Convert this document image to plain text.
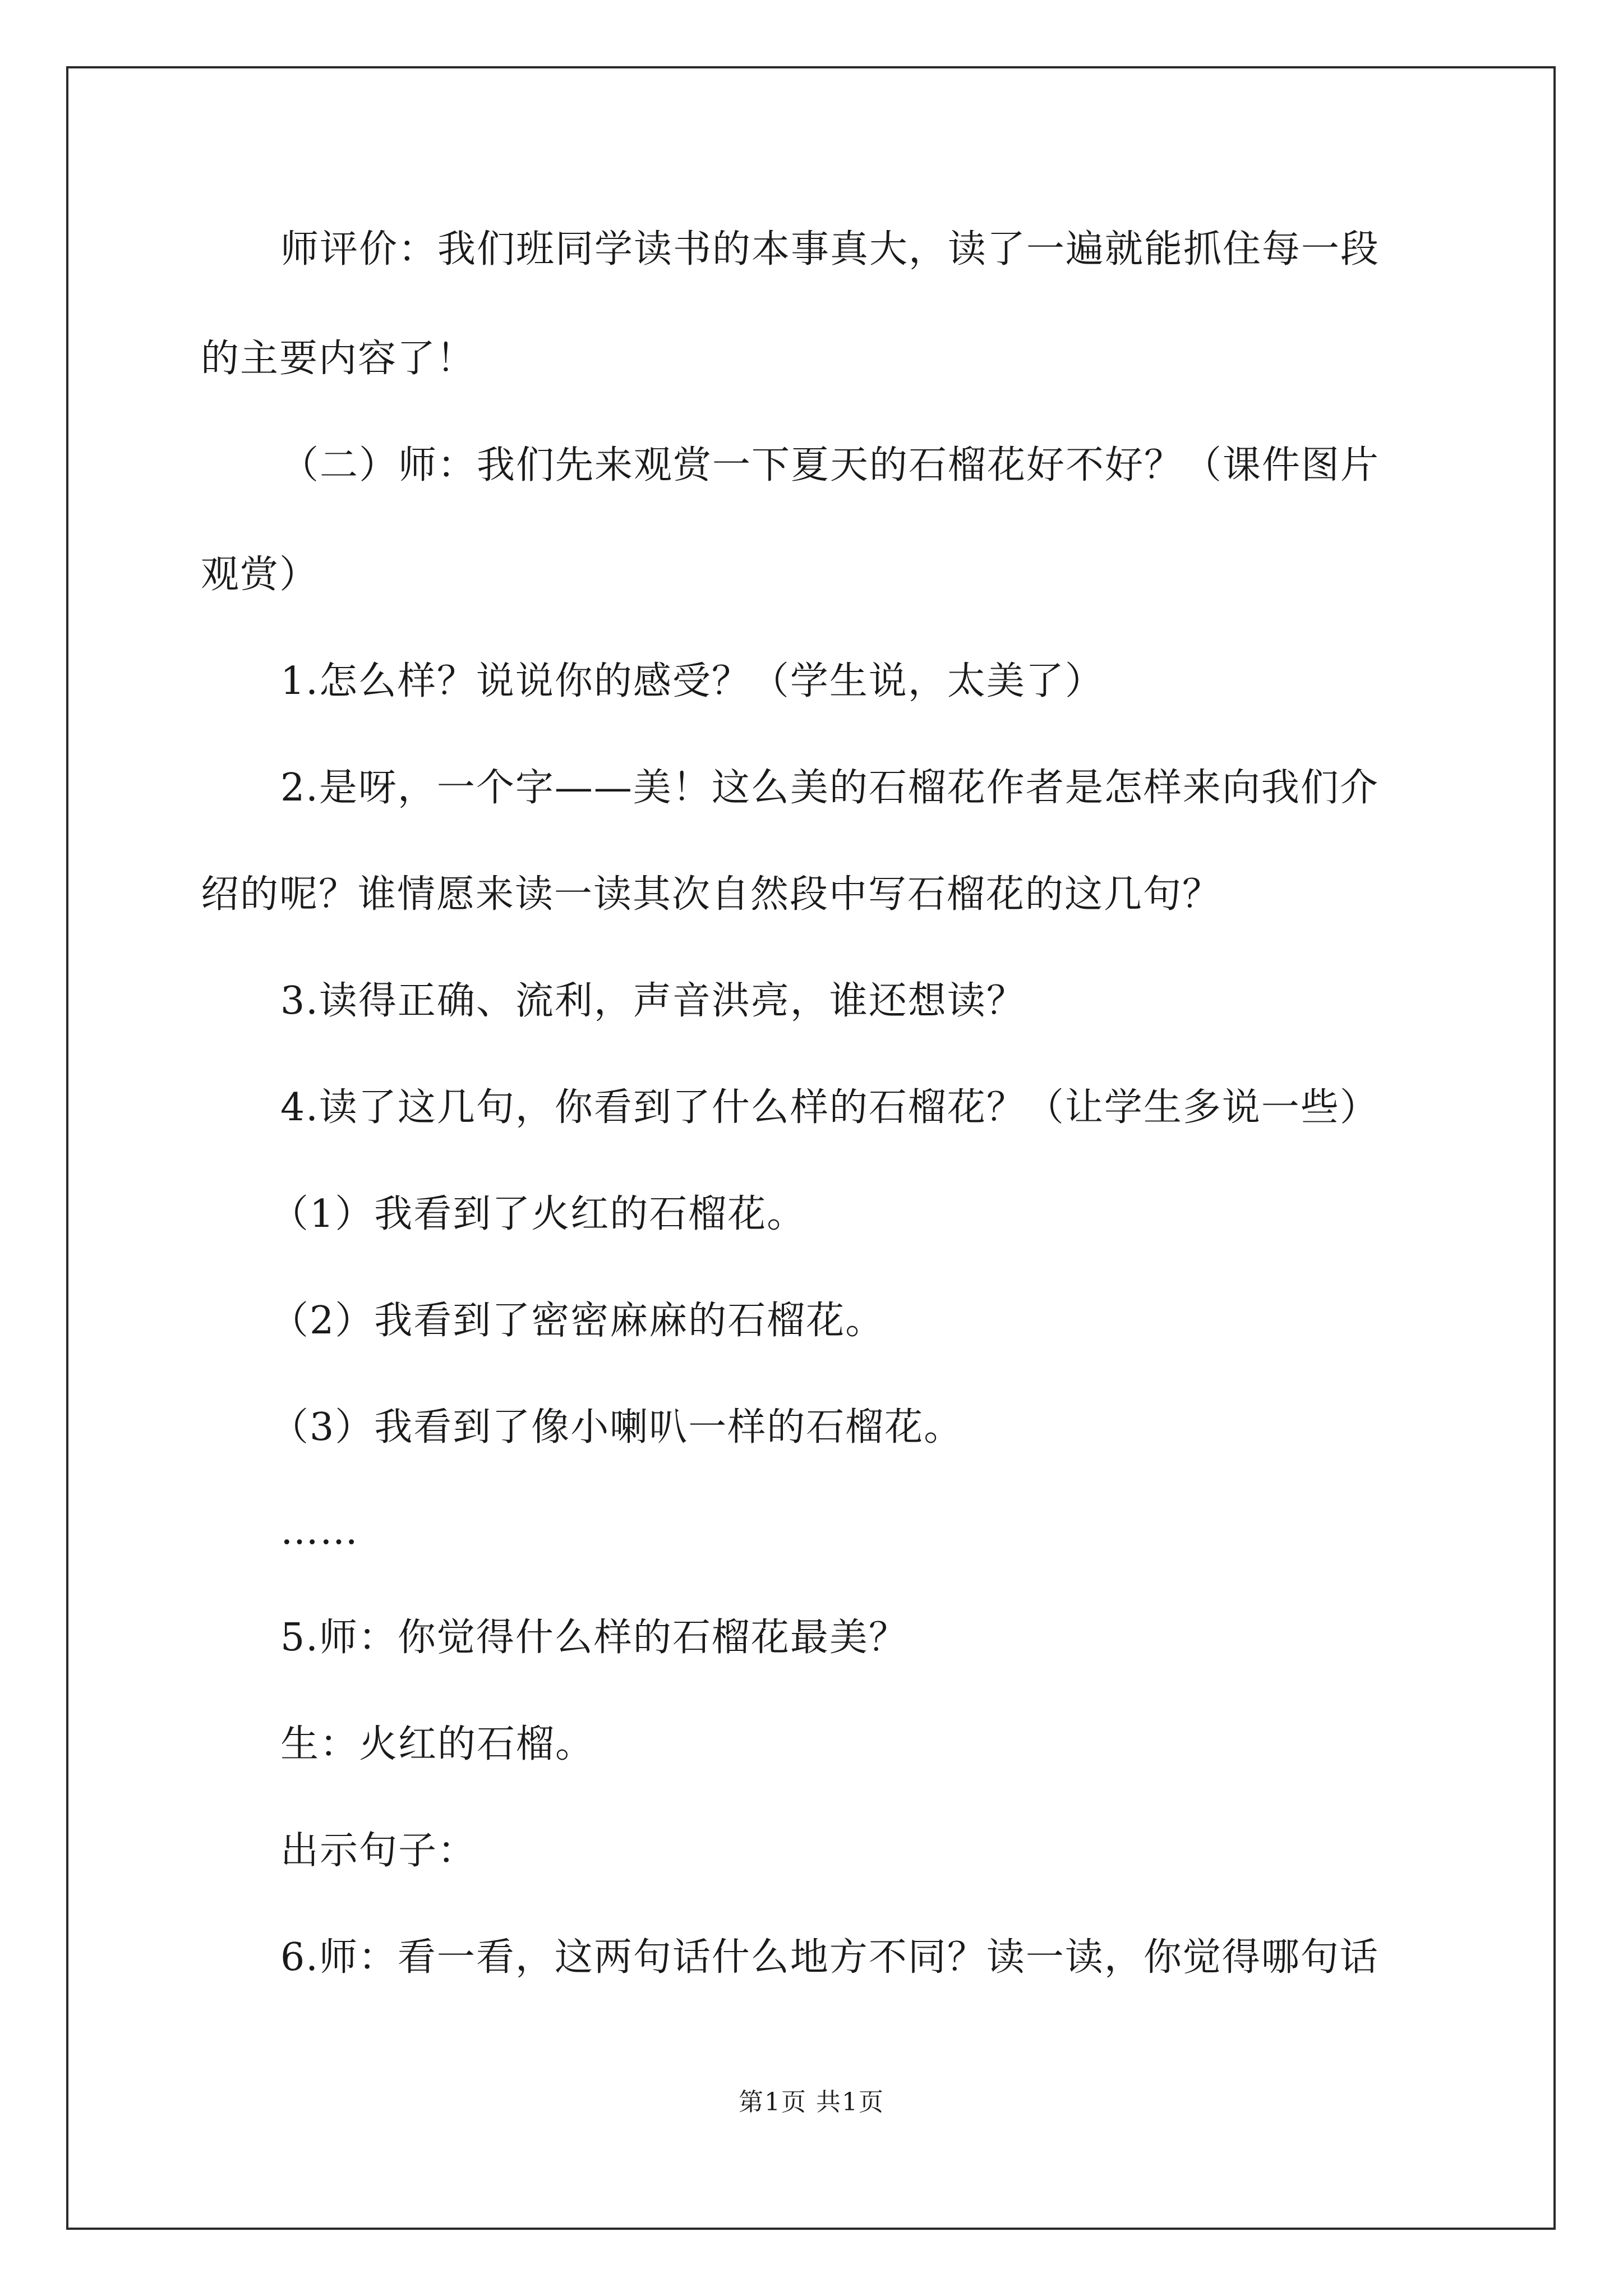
师评价：我们班同学读书的本事真大，读了一遍就能抓住每一段
的主要内容了！
（二）师：我们先来观赏一下夏天的石榴花好不好？（课件图片
观赏）
1.怎么样？说说你的感受？（学生说，太美了）
2.是呀，一个字——美！这么美的石榴花作者是怎样来向我们介
绍的呢？谁情愿来读一读其次自然段中写石榴花的这几句？
3.读得正确、流利，声音洪亮，谁还想读？
4.读了这几句，你看到了什么样的石榴花？（让学生多说一些）
（1）我看到了火红的石榴花。
（2）我看到了密密麻麻的石榴花。
（3）我看到了像小喇叭一样的石榴花。
……
5.师：你觉得什么样的石榴花最美？
生：火红的石榴。
出示句子：
6.师：看一看，这两句话什么地方不同？读一读，你觉得哪句话
第1页 共1页
